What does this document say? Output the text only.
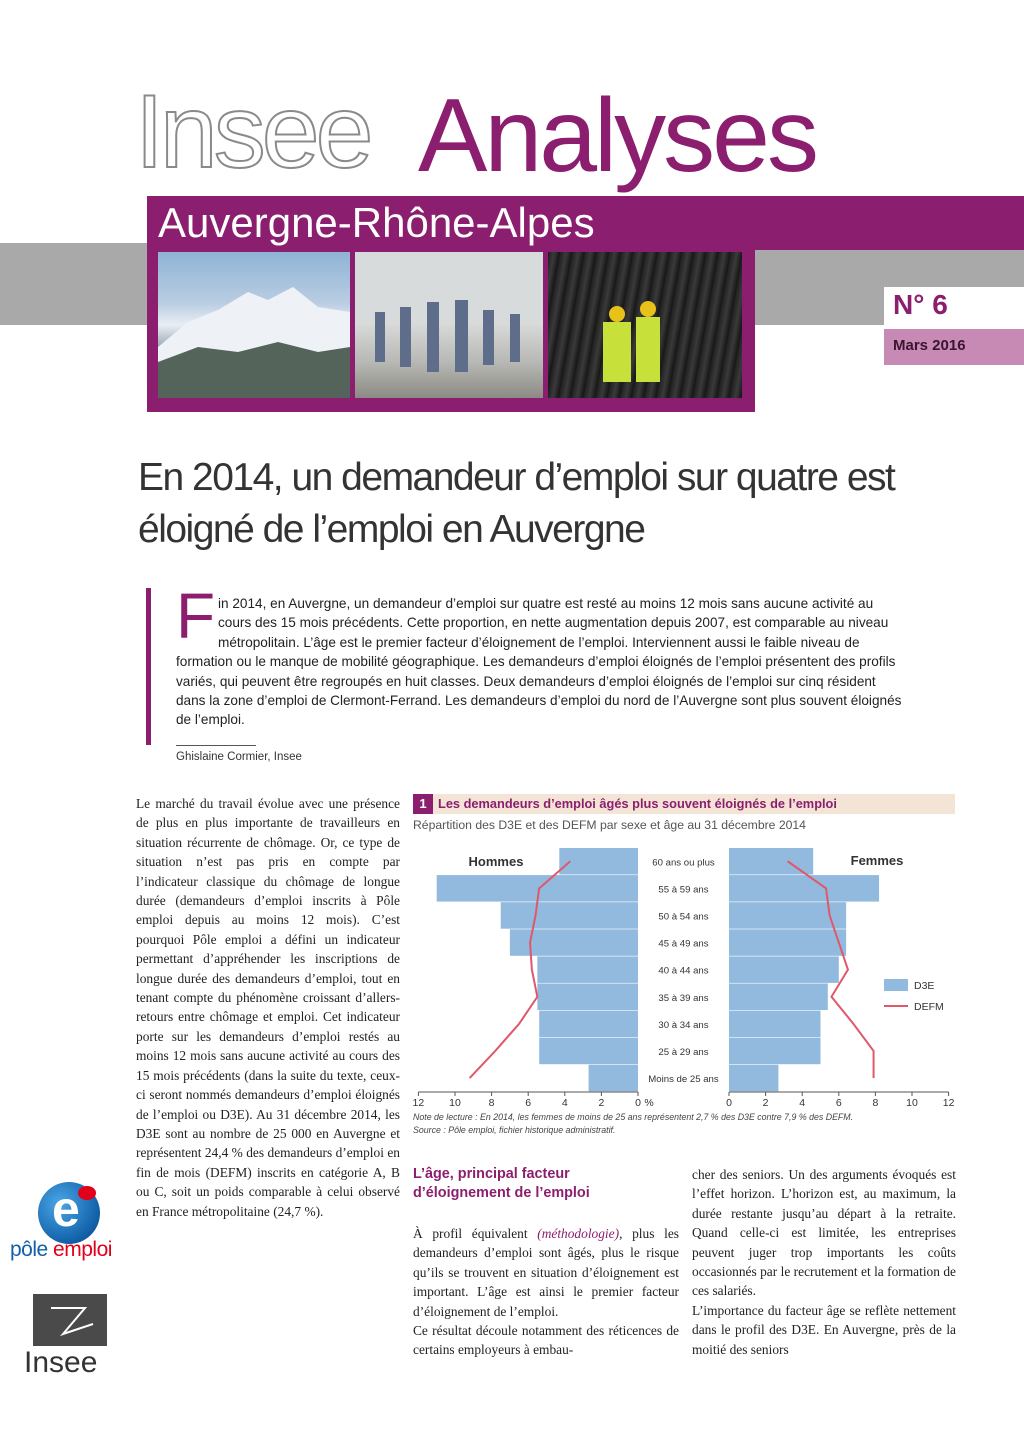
Insee Analyses
Auvergne-Rhône-Alpes
N° 6
Mars 2016
En 2014, un demandeur d’emploi sur quatre est éloigné de l’emploi en Auvergne
F in 2014, en Auvergne, un demandeur d’emploi sur quatre est resté au moins 12 mois sans aucune activité au cours des 15 mois précédents. Cette proportion, en nette augmentation depuis 2007, est comparable au niveau métropolitain. L’âge est le premier facteur d’éloignement de l’emploi. Interviennent aussi le faible niveau de formation ou le manque de mobilité géographique. Les demandeurs d’emploi éloignés de l’emploi présentent des profils variés, qui peuvent être regroupés en huit classes. Deux demandeurs d’emploi éloignés de l’emploi sur cinq résident dans la zone d’emploi de Clermont-Ferrand. Les demandeurs d’emploi du nord de l’Auvergne sont plus souvent éloignés de l’emploi.
Ghislaine Cormier, Insee

Le marché du travail évolue avec une présence de plus en plus importante de travailleurs en situation récurrente de chômage. Or, ce type de situation n’est pas pris en compte par l’indicateur classique du chômage de longue durée (demandeurs d’emploi inscrits à Pôle emploi depuis au moins 12 mois). C’est pourquoi Pôle emploi a défini un indicateur permettant d’appréhender les inscriptions de longue durée des demandeurs d’emploi, tout en tenant compte du phénomène croissant d’allers-retours entre chômage et emploi. Cet indicateur porte sur les demandeurs d’emploi restés au moins 12 mois sans aucune activité au cours des 15 mois précédents (dans la suite du texte, ceux-ci seront nommés demandeurs d’emploi éloignés de l’emploi ou D3E). Au 31 décembre 2014, les D3E sont au nombre de 25 000 en Auvergne et représentent 24,4 % des demandeurs d’emploi en fin de mois (DEFM) inscrits en catégorie A, B ou C, soit un poids comparable à celui observé en France métropolitaine (24,7 %).

e
pôle emploi
Insee
1 Les demandeurs d’emploi âgés plus souvent éloignés de l’emploi
Répartition des D3E et des DEFM par sexe et âge au 31 décembre 2014
Moins de 25 ans
25 à 29 ans
30 à 34 ans
35 à 39 ans
40 à 44 ans
45 à 49 ans
50 à 54 ans
55 à 59 ans
60 ans ou plus
12 10	8	6	4	2	0 %	0	2	4	6	8	10 12
Hommes	Femmes
D3E
DEFM
Note de lecture : En 2014, les femmes de moins de 25 ans représentent 2,7 % des D3E contre 7,9 % des DEFM.
Source : Pôle emploi, fichier historique administratif.
L’âge, principal facteur d’éloignement de l’emploi

À profil équivalent (méthodologie), plus les demandeurs d’emploi sont âgés, plus le risque qu’ils se trouvent en situation d’éloignement est important. L’âge est ainsi le premier facteur d’éloignement de l’emploi.

Ce résultat découle notamment des réticences de certains employeurs à embau-

cher des seniors. Un des arguments évoqués est l’effet horizon. L’horizon est, au maximum, la durée restante jusqu’au départ à la retraite. Quand celle-ci est limitée, les entreprises peuvent juger trop importants les coûts occasionnés par le recrutement et la formation de ces salariés.

L’importance du facteur âge se reflète nettement dans le profil des D3E. En Auvergne, près de la moitié des seniors
